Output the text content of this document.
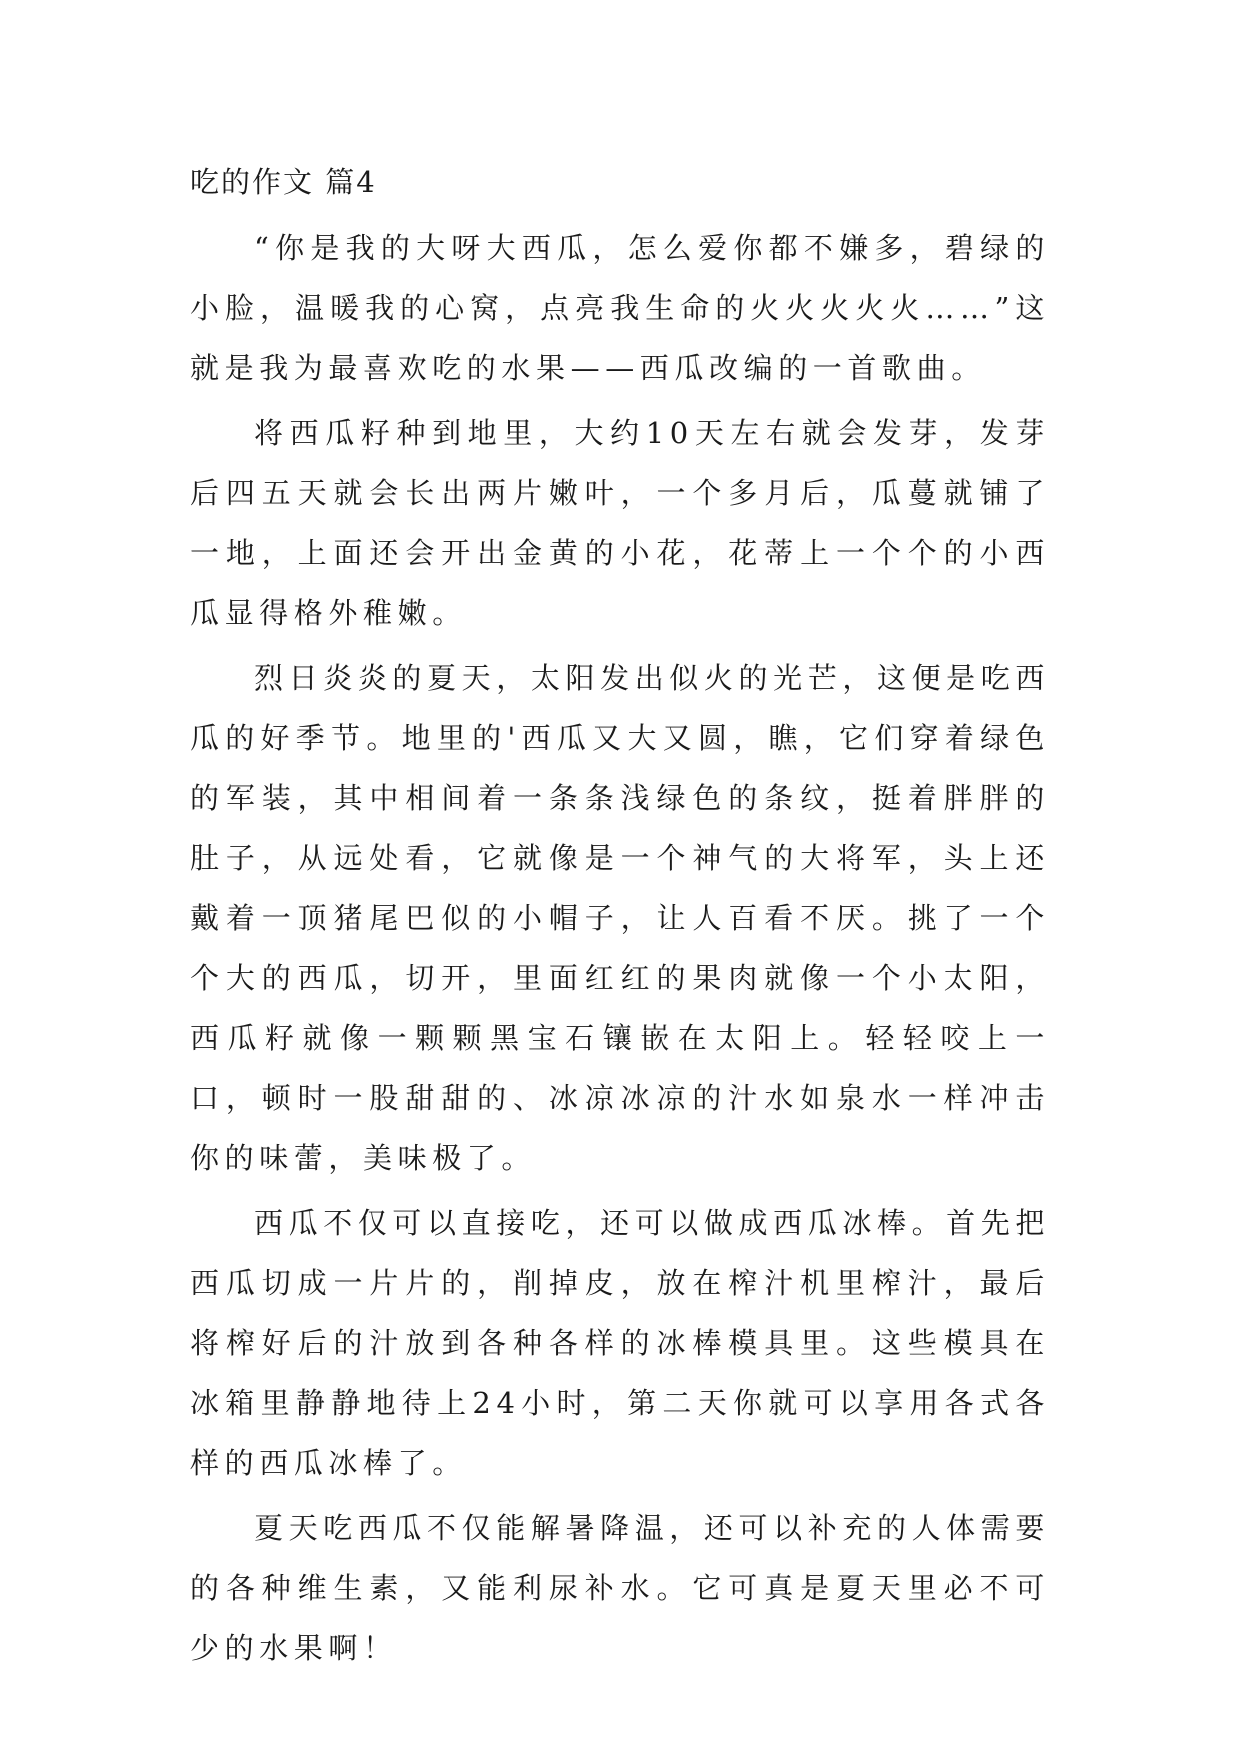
吃的作文 篇4

“你是我的大呀大西瓜，怎么爱你都不嫌多，碧绿的小脸，温暖我的心窝，点亮我生命的火火火火火……”这就是我为最喜欢吃的水果——西瓜改编的一首歌曲。

将西瓜籽种到地里，大约10天左右就会发芽，发芽后四五天就会长出两片嫩叶，一个多月后，瓜蔓就铺了一地，上面还会开出金黄的小花，花蒂上一个个的小西瓜显得格外稚嫩。

烈日炎炎的夏天，太阳发出似火的光芒，这便是吃西瓜的好季节。地里的'西瓜又大又圆，瞧，它们穿着绿色的军装，其中相间着一条条浅绿色的条纹，挺着胖胖的肚子，从远处看，它就像是一个神气的大将军，头上还戴着一顶猪尾巴似的小帽子，让人百看不厌。挑了一个个大的西瓜，切开，里面红红的果肉就像一个小太阳，西瓜籽就像一颗颗黑宝石镶嵌在太阳上。轻轻咬上一口，顿时一股甜甜的、冰凉冰凉的汁水如泉水一样冲击你的味蕾，美味极了。

西瓜不仅可以直接吃，还可以做成西瓜冰棒。首先把西瓜切成一片片的，削掉皮，放在榨汁机里榨汁，最后将榨好后的汁放到各种各样的冰棒模具里。这些模具在冰箱里静静地待上24小时，第二天你就可以享用各式各样的西瓜冰棒了。

夏天吃西瓜不仅能解暑降温，还可以补充的人体需要的各种维生素，又能利尿补水。它可真是夏天里必不可少的水果啊！
